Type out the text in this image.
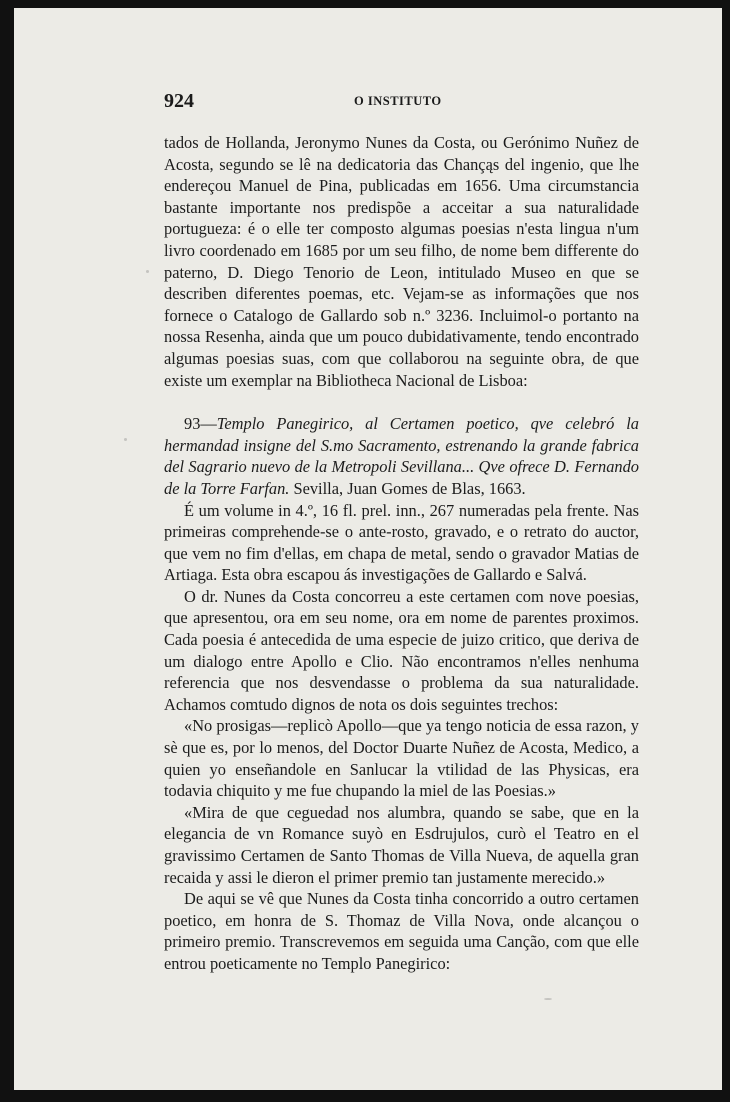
924	O INSTITUTO

tados de Hollanda, Jeronymo Nunes da Costa, ou Gerónimo Nuñez de Acosta, segundo se lê na dedicatoria das Chançąs del ingenio, que lhe endereçou Manuel de Pina, publicadas em 1656. Uma circumstancia bastante importante nos predispõe a acceitar a sua naturalidade portugueza: é o elle ter composto algumas poesias n'esta lingua n'um livro coordenado em 1685 por um seu filho, de nome bem differente do paterno, D. Diego Tenorio de Leon, intitulado Museo en que se describen diferentes poemas, etc. Vejam-se as informações que nos fornece o Catalogo de Gallardo sob n.º 3236. Incluimol-o portanto na nossa Resenha, ainda que um pouco dubidativamente, tendo encontrado algumas poesias suas, com que collaborou na seguinte obra, de que existe um exemplar na Bibliotheca Nacional de Lisboa:

93—Templo Panegirico, al Certamen poetico, qve celebró la hermandad insigne del S.mo Sacramento, estrenando la grande fabrica del Sagrario nuevo de la Metropoli Sevillana... Qve ofrece D. Fernando de la Torre Farfan. Sevilla, Juan Gomes de Blas, 1663.

É um volume in 4.º, 16 fl. prel. inn., 267 numeradas pela frente. Nas primeiras comprehende-se o ante-rosto, gravado, e o retrato do auctor, que vem no fim d'ellas, em chapa de metal, sendo o gravador Matias de Artiaga. Esta obra escapou ás investigações de Gallardo e Salvá.

O dr. Nunes da Costa concorreu a este certamen com nove poesias, que apresentou, ora em seu nome, ora em nome de parentes proximos. Cada poesia é antecedida de uma especie de juizo critico, que deriva de um dialogo entre Apollo e Clio. Não encontramos n'elles nenhuma referencia que nos desvendasse o problema da sua naturalidade. Achamos comtudo dignos de nota os dois seguintes trechos:

«No prosigas—replicò Apollo—que ya tengo noticia de essa razon, y sè que es, por lo menos, del Doctor Duarte Nuñez de Acosta, Medico, a quien yo enseñandole en Sanlucar la vtilidad de las Physicas, era todavia chiquito y me fue chupando la miel de las Poesias.»

«Mira de que ceguedad nos alumbra, quando se sabe, que en la elegancia de vn Romance suyò en Esdrujulos, curò el Teatro en el gravissimo Certamen de Santo Thomas de Villa Nueva, de aquella gran recaida y assi le dieron el primer premio tan justamente merecido.»

De aqui se vê que Nunes da Costa tinha concorrido a outro certamen poetico, em honra de S. Thomaz de Villa Nova, onde alcançou o primeiro premio. Transcrevemos em seguida uma Canção, com que elle entrou poeticamente no Templo Panegirico:
